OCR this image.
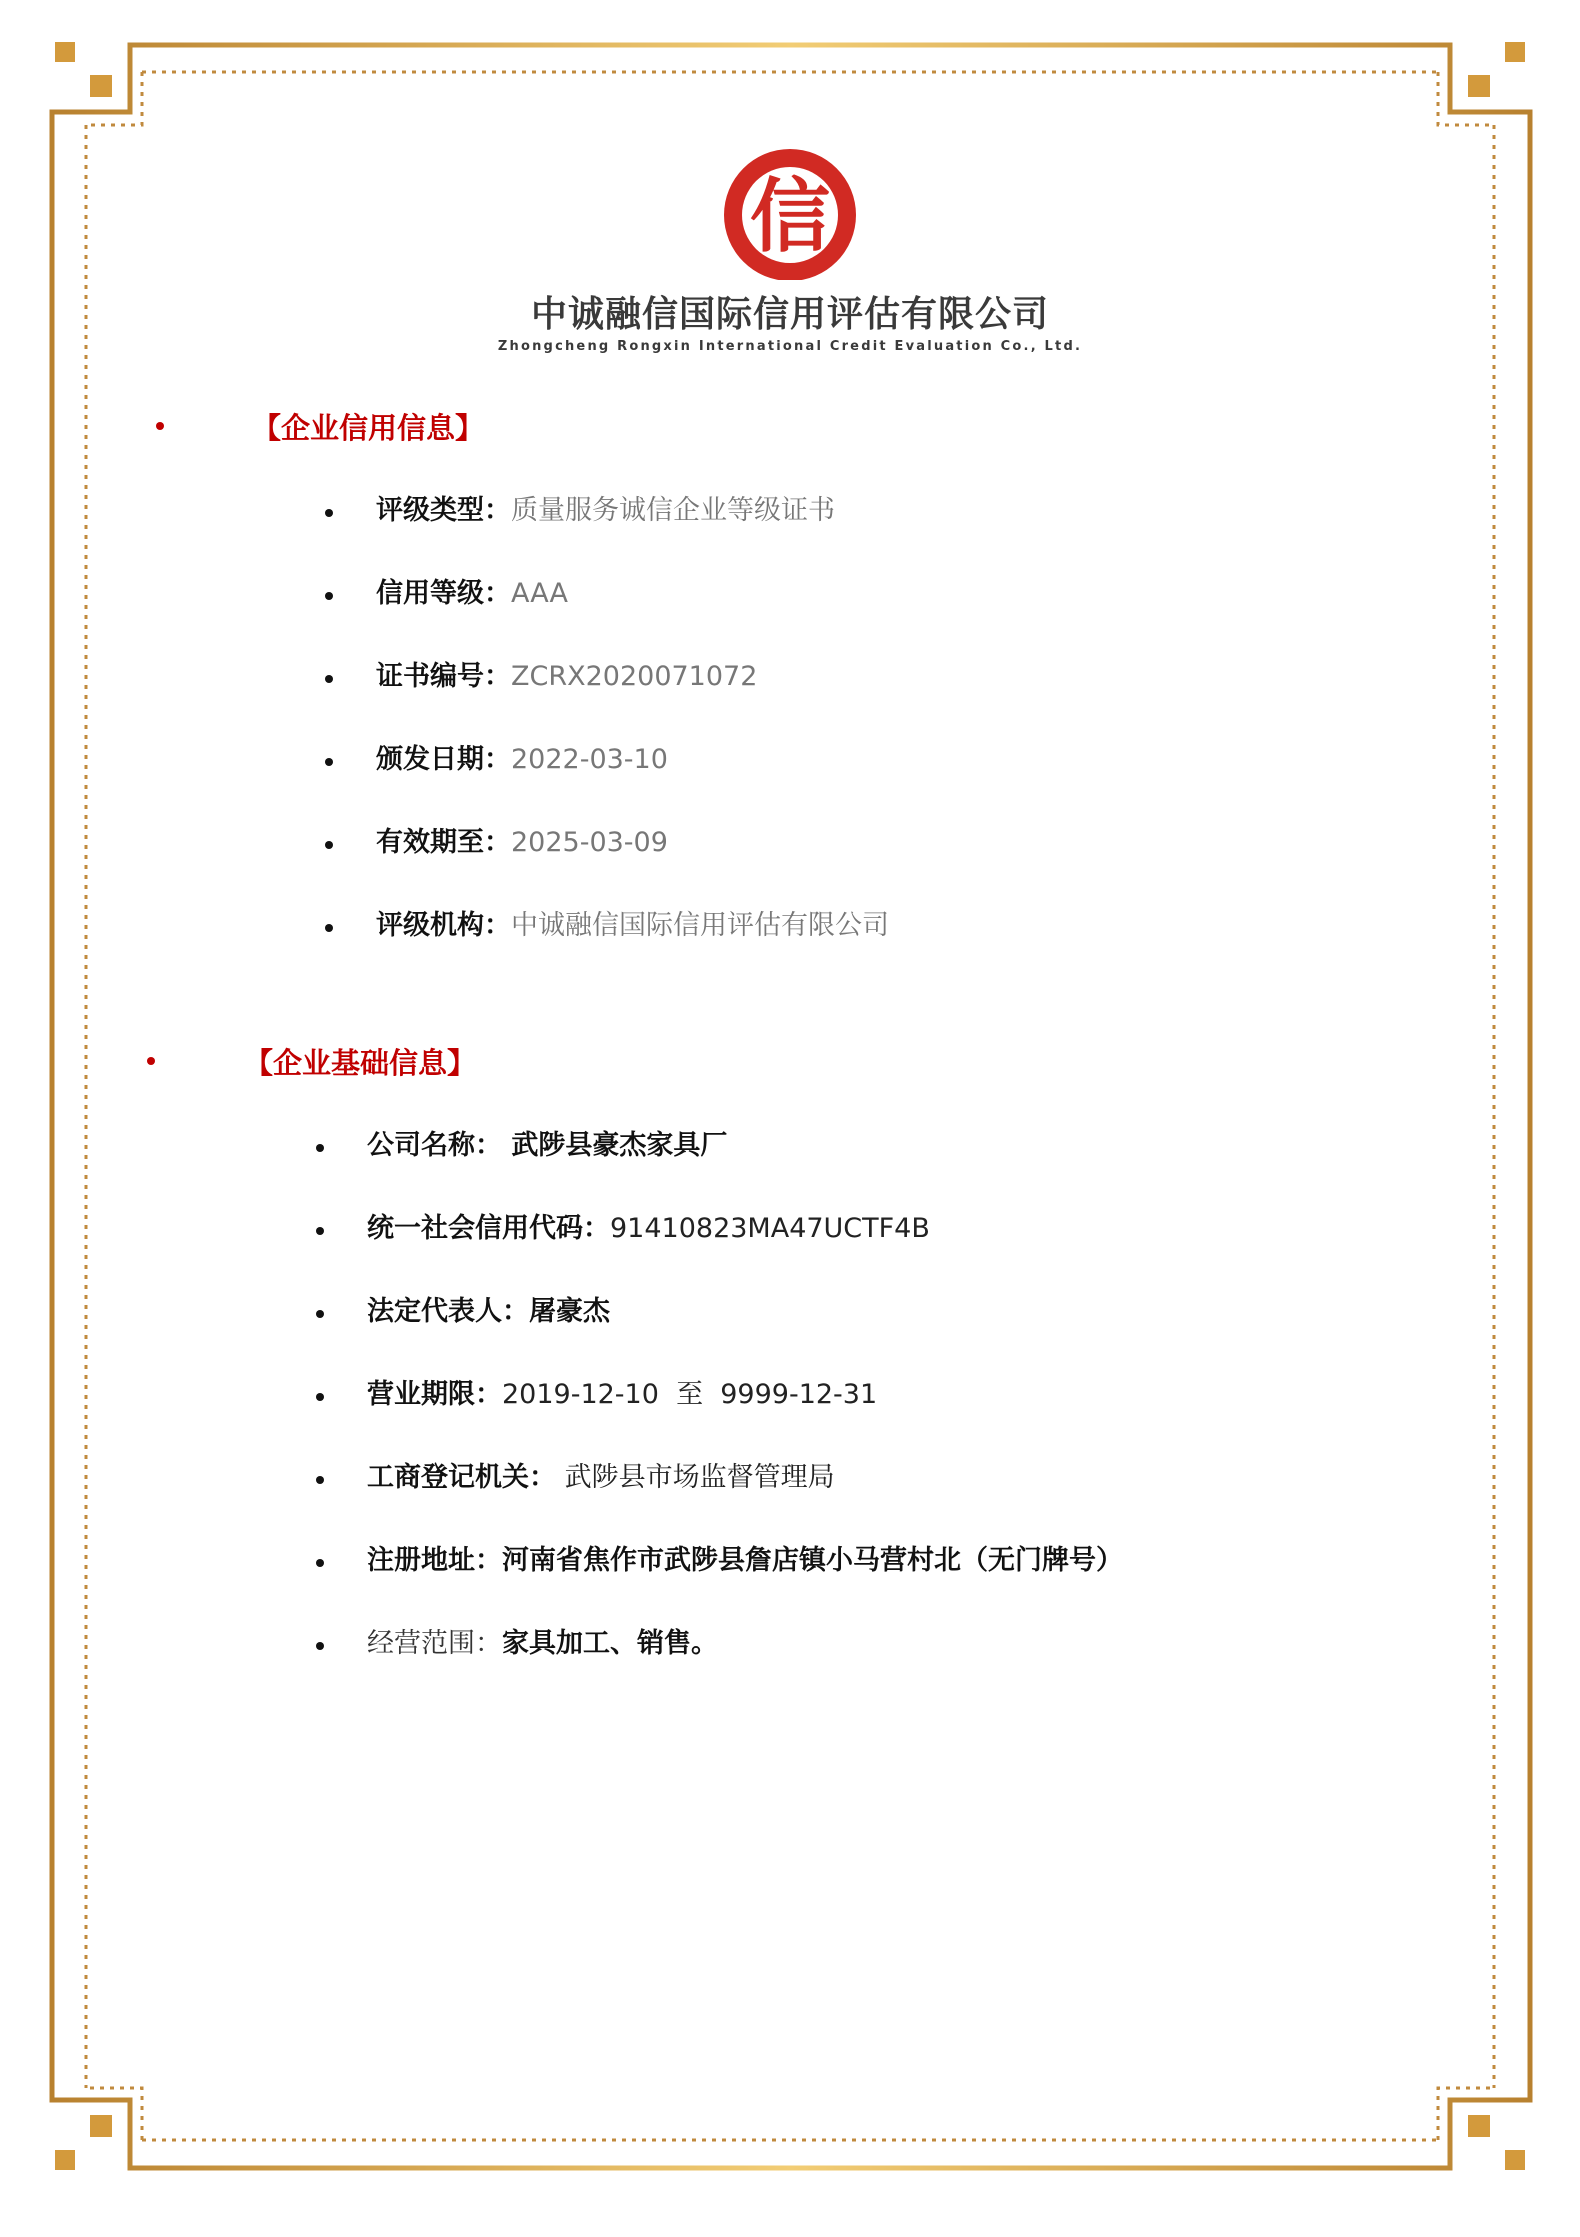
信
中诚融信国际信用评估有限公司
Zhongcheng Rongxin International Credit Evaluation Co., Ltd.
【企业信用信息】
评级类型：质量服务诚信企业等级证书
信用等级：AAA
证书编号：ZCRX2020071072
颁发日期：2022-03-10
有效期至：2025-03-09
评级机构：中诚融信国际信用评估有限公司
【企业基础信息】
公司名称： 武陟县豪杰家具厂
统一社会信用代码：91410823MA47UCTF4B
法定代表人：屠豪杰
营业期限：2019-12-10  至  9999-12-31
工商登记机关： 武陟县市场监督管理局
注册地址：河南省焦作市武陟县詹店镇小马营村北（无门牌号）
经营范围：家具加工、销售。
